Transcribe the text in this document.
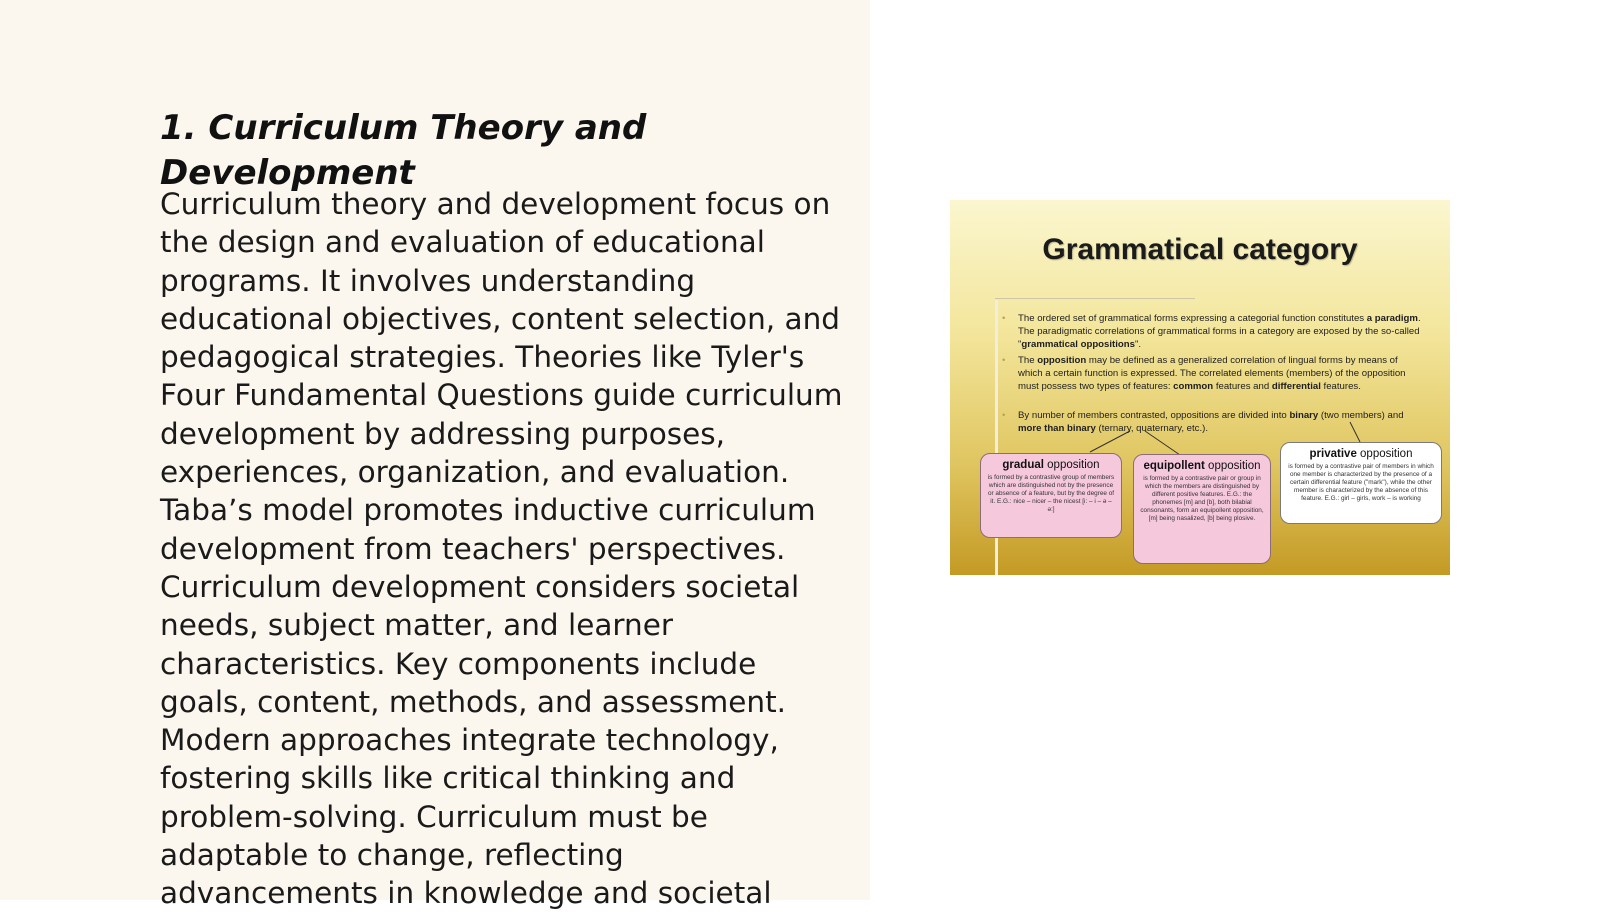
1. Curriculum Theory and Development

Curriculum theory and development focus on the design and evaluation of educational programs. It involves understanding educational objectives, content selection, and pedagogical strategies. Theories like Tyler's Four Fundamental Questions guide curriculum development by addressing purposes, experiences, organization, and evaluation. Taba’s model promotes inductive curriculum development from teachers' perspectives. Curriculum development considers societal needs, subject matter, and learner characteristics. Key components include goals, content, methods, and assessment. Modern approaches integrate technology, fostering skills like critical thinking and problem-solving. Curriculum must be adaptable to change, reflecting advancements in knowledge and societal

Grammatical category
• The ordered set of grammatical forms expressing a categorial function constitutes a paradigm. The paradigmatic correlations of grammatical forms in a category are exposed by the so-called "grammatical oppositions".
• The opposition may be defined as a generalized correlation of lingual forms by means of which a certain function is expressed. The correlated elements (members) of the opposition must possess two types of features: common features and differential features.
• By number of members contrasted, oppositions are divided into binary (two members) and more than binary (ternary, quaternary, etc.).
gradual opposition
is formed by a contrastive group of members which are distinguished not by the presence or absence of a feature, but by the degree of it. E.G.: nice – nicer – the nicest [i: – i – ǝ – ǝ:]
equipollent opposition
is formed by a contrastive pair or group in which the members are distinguished by different positive features. E.G.: the phonemes [m] and [b], both bilabial consonants, form an equipollent opposition, [m] being nasalized, [b] being plosive.
privative opposition
is formed by a contrastive pair of members in which one member is characterized by the presence of a certain differential feature ("mark"), while the other member is characterized by the absence of this feature. E.G.: girl – girls, work – is working
